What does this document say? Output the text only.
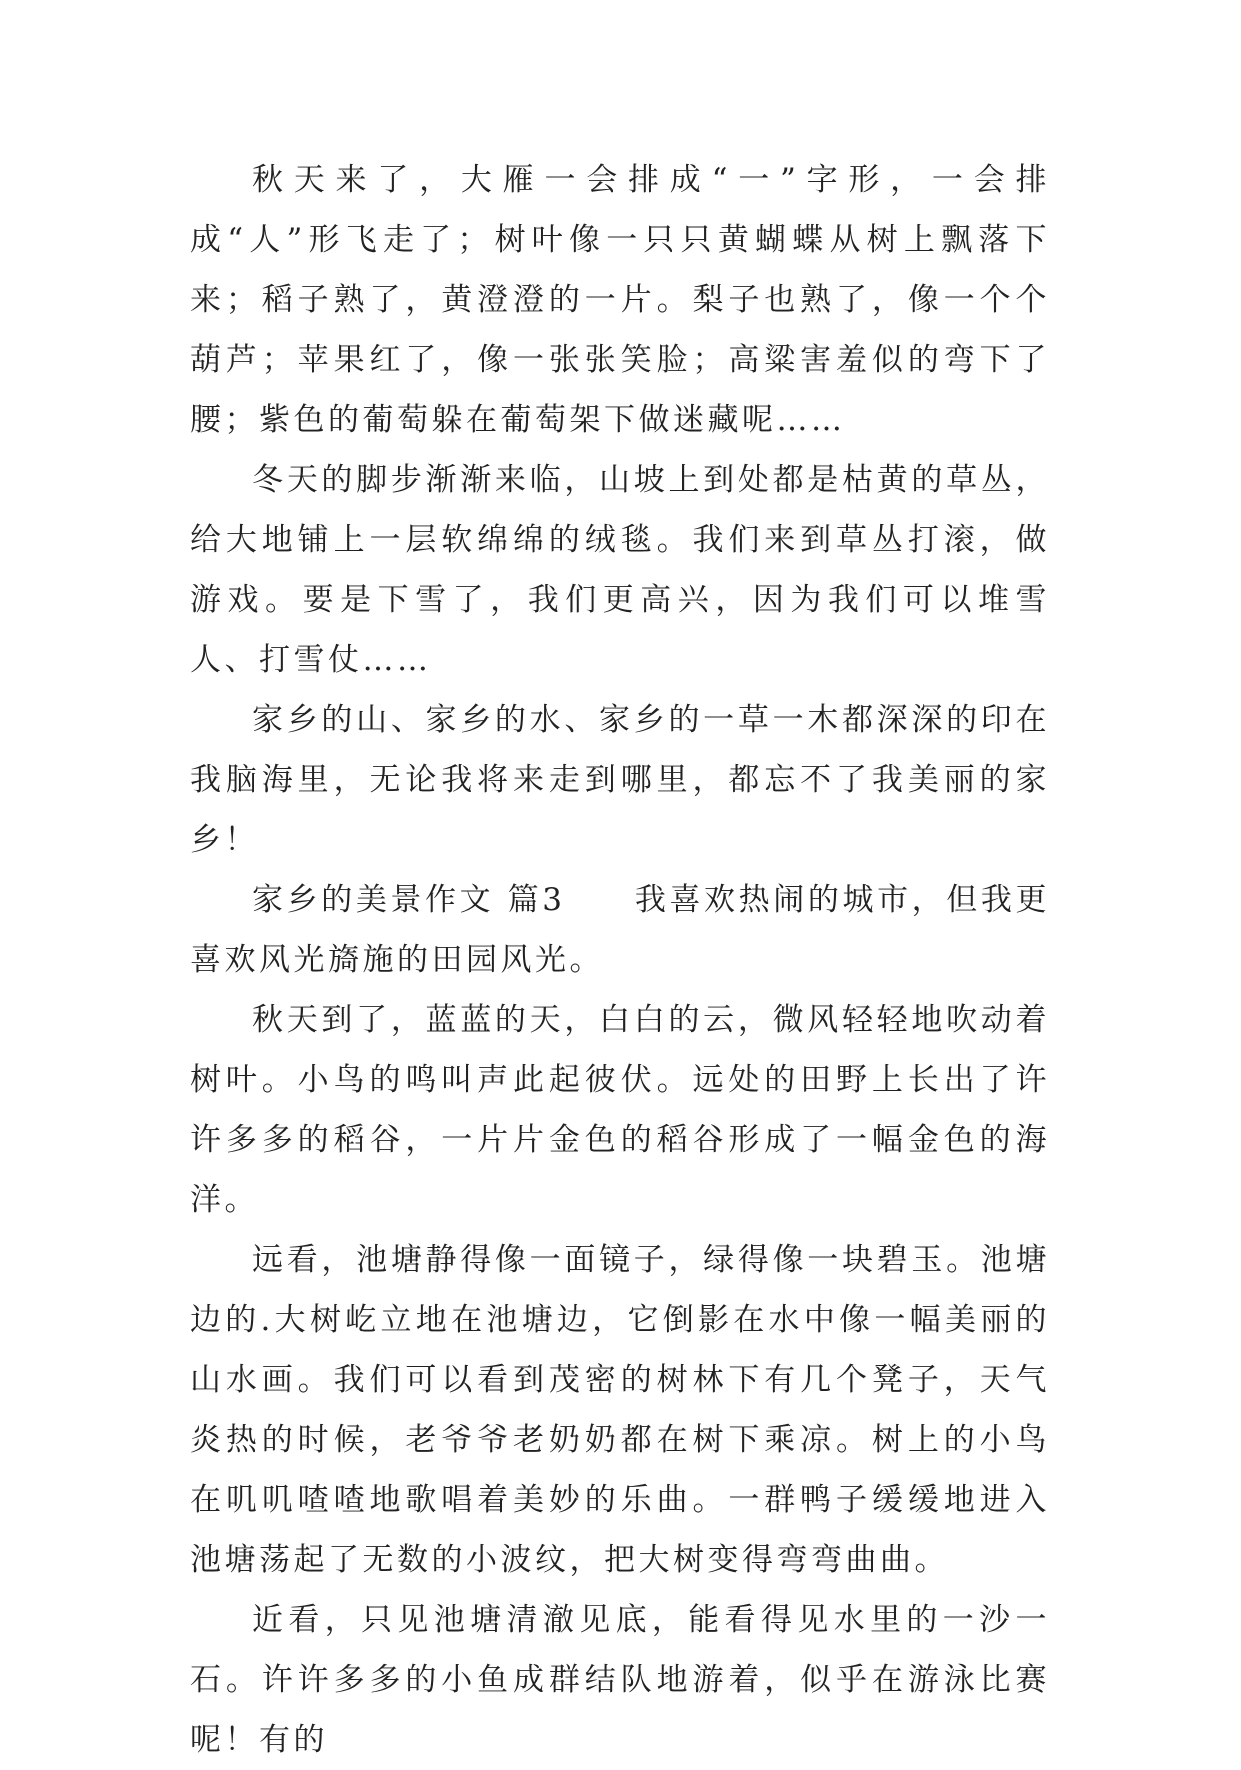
秋天来了，大雁一会排成“一”字形，一会排成“人”形飞走了；树叶像一只只黄蝴蝶从树上飘落下来；稻子熟了，黄澄澄的一片。梨子也熟了，像一个个葫芦；苹果红了，像一张张笑脸；高粱害羞似的弯下了腰；紫色的葡萄躲在葡萄架下做迷藏呢……

冬天的脚步渐渐来临，山坡上到处都是枯黄的草丛，给大地铺上一层软绵绵的绒毯。我们来到草丛打滚，做游戏。要是下雪了，我们更高兴，因为我们可以堆雪人、打雪仗……

家乡的山、家乡的水、家乡的一草一木都深深的印在我脑海里，无论我将来走到哪里，都忘不了我美丽的家乡！

家乡的美景作文 篇3　　我喜欢热闹的城市，但我更喜欢风光旖施的田园风光。

秋天到了，蓝蓝的天，白白的云，微风轻轻地吹动着树叶。小鸟的鸣叫声此起彼伏。远处的田野上长出了许许多多的稻谷，一片片金色的稻谷形成了一幅金色的海洋。

远看，池塘静得像一面镜子，绿得像一块碧玉。池塘边的.大树屹立地在池塘边，它倒影在水中像一幅美丽的山水画。我们可以看到茂密的树林下有几个凳子，天气炎热的时候，老爷爷老奶奶都在树下乘凉。树上的小鸟在叽叽喳喳地歌唱着美妙的乐曲。一群鸭子缓缓地进入池塘荡起了无数的小波纹，把大树变得弯弯曲曲。

近看，只见池塘清澈见底，能看得见水里的一沙一石。许许多多的小鱼成群结队地游着，似乎在游泳比赛呢！有的
